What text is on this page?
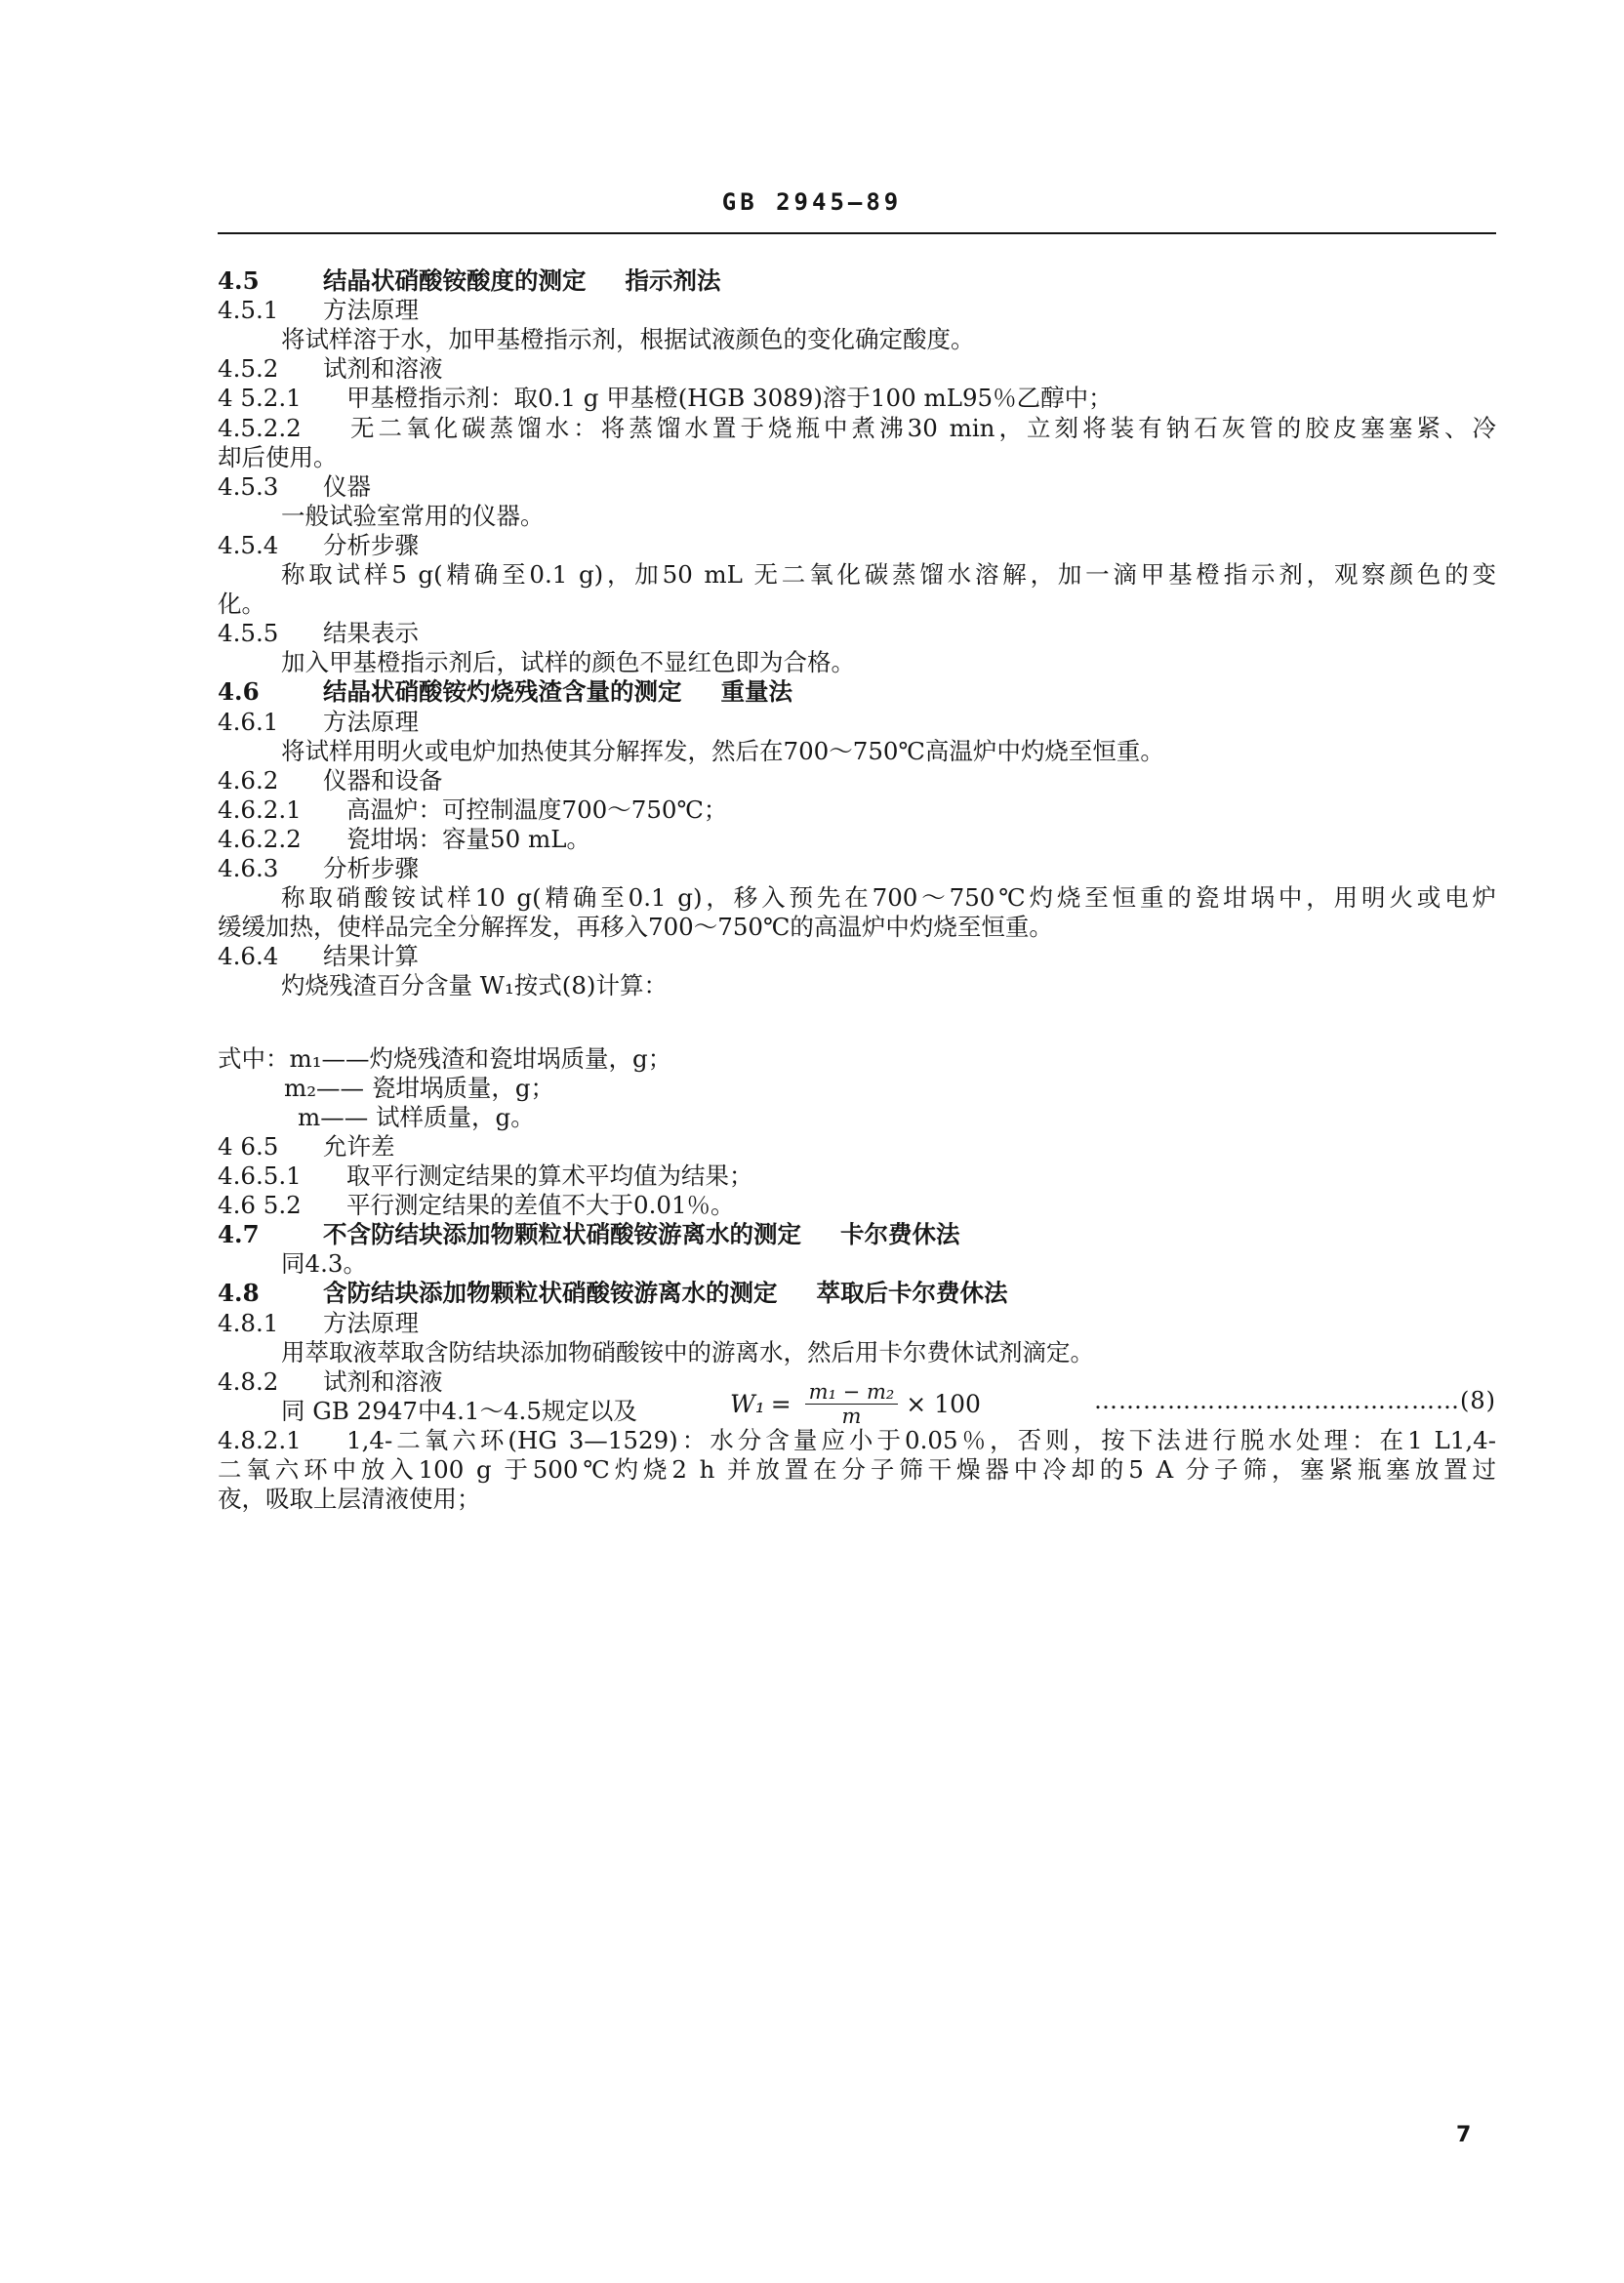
GB 2945—89
4.5	结晶状硝酸铵酸度的测定 指示剂法
4.5.1 方法原理
将试样溶于水，加甲基橙指示剂，根据试液颜色的变化确定酸度。
4.5.2 试剂和溶液
4 5.2.1 甲基橙指示剂：取0.1 g 甲基橙(HGB 3089)溶于100 mL95％乙醇中；
4.5.2.2 无二氧化碳蒸馏水：将蒸馏水置于烧瓶中煮沸30 min，立刻将装有钠石灰管的胶皮塞塞紧、冷
却后使用。
4.5.3 仪器
一般试验室常用的仪器。
4.5.4 分析步骤
称取试样5 g(精确至0.1 g)，加50 mL 无二氧化碳蒸馏水溶解，加一滴甲基橙指示剂，观察颜色的变
化。
4.5.5 结果表示
加入甲基橙指示剂后，试样的颜色不显红色即为合格。
4.6	结晶状硝酸铵灼烧残渣含量的测定 重量法
4.6.1 方法原理
将试样用明火或电炉加热使其分解挥发，然后在700～750℃高温炉中灼烧至恒重。
4.6.2 仪器和设备
4.6.2.1 高温炉：可控制温度700～750℃；
4.6.2.2 瓷坩埚：容量50 mL。
4.6.3 分析步骤
称取硝酸铵试样10 g(精确至0.1 g)，移入预先在700～750℃灼烧至恒重的瓷坩埚中，用明火或电炉
缓缓加热，使样品完全分解挥发，再移入700～750℃的高温炉中灼烧至恒重。
4.6.4 结果计算
灼烧残渣百分含量 W₁按式(8)计算：
式中：m₁——灼烧残渣和瓷坩埚质量，g；
m₂—— 瓷坩埚质量，g；
m—— 试样质量，g。
4 6.5 允许差
4.6.5.1 取平行测定结果的算术平均值为结果；
4.6 5.2 平行测定结果的差值不大于0.01％。
4.7	不含防结块添加物颗粒状硝酸铵游离水的测定 卡尔费休法
同4.3。
4.8	含防结块添加物颗粒状硝酸铵游离水的测定 萃取后卡尔费休法
4.8.1 方法原理
用萃取液萃取含防结块添加物硝酸铵中的游离水，然后用卡尔费休试剂滴定。
4.8.2 试剂和溶液
同 GB 2947中4.1～4.5规定以及
4.8.2.1 1,4-二氧六环(HG 3—1529)：水分含量应小于0.05％，否则，按下法进行脱水处理：在1 L1,4-
二氧六环中放入100 g 于500℃灼烧2 h 并放置在分子筛干燥器中冷却的5 A 分子筛，塞紧瓶塞放置过
夜，吸取上层清液使用；
$W_1 = \frac{\text{m₁ − m₂}}{m} \times 100$	………………………………………(8)
7
